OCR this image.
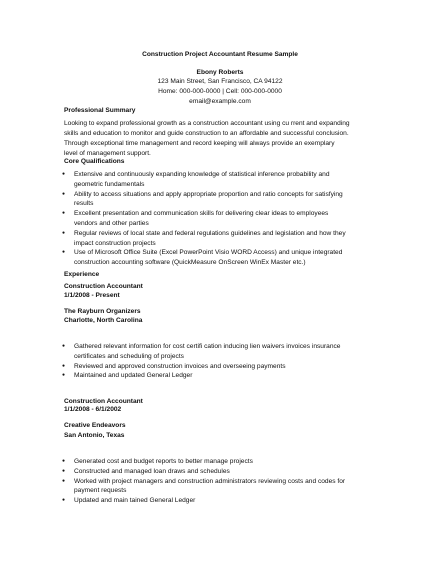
Construction Project Accountant Resume Sample
Ebony Roberts
123 Main Street, San Francisco, CA 94122
Home: 000-000-0000 | Cell: 000-000-0000
email@example.com
Professional Summary
Looking to expand professional growth as a construction accountant using cu rrent and expanding
skills and education to monitor and guide construction to an affordable and successful conclusion.
Through exceptional time management and record keeping will always provide an exemplary
level of management support.
Core Qualifications
● Extensive and continuously expanding knowledge of statistical inference probability and
geometric fundamentals
● Ability to access situations and apply appropriate proportion and ratio concepts for satisfying
results
● Excellent presentation and communication skills for delivering clear ideas to employees
vendors and other parties
● Regular reviews of local state and federal regulations guidelines and legislation and how they
impact construction projects
● Use of Microsoft Office Suite (Excel PowerPoint Visio WORD Access) and unique integrated
construction accounting software (QuickMeasure OnScreen WinEx Master etc.)
Experience
Construction Accountant
1/1/2008 - Present
The Rayburn Organizers
Charlotte, North Carolina
● Gathered relevant information for cost certifi cation inducing lien waivers invoices insurance
certificates and scheduling of projects
● Reviewed and approved construction invoices and overseeing payments
● Maintained and updated General Ledger
Construction Accountant
1/1/2008 - 6/1/2002
Creative Endeavors
San Antonio, Texas
● Generated cost and budget reports to better manage projects
● Constructed and managed loan draws and schedules
● Worked with project managers and construction administrators reviewing costs and codes for
payment requests
● Updated and main tained General Ledger
